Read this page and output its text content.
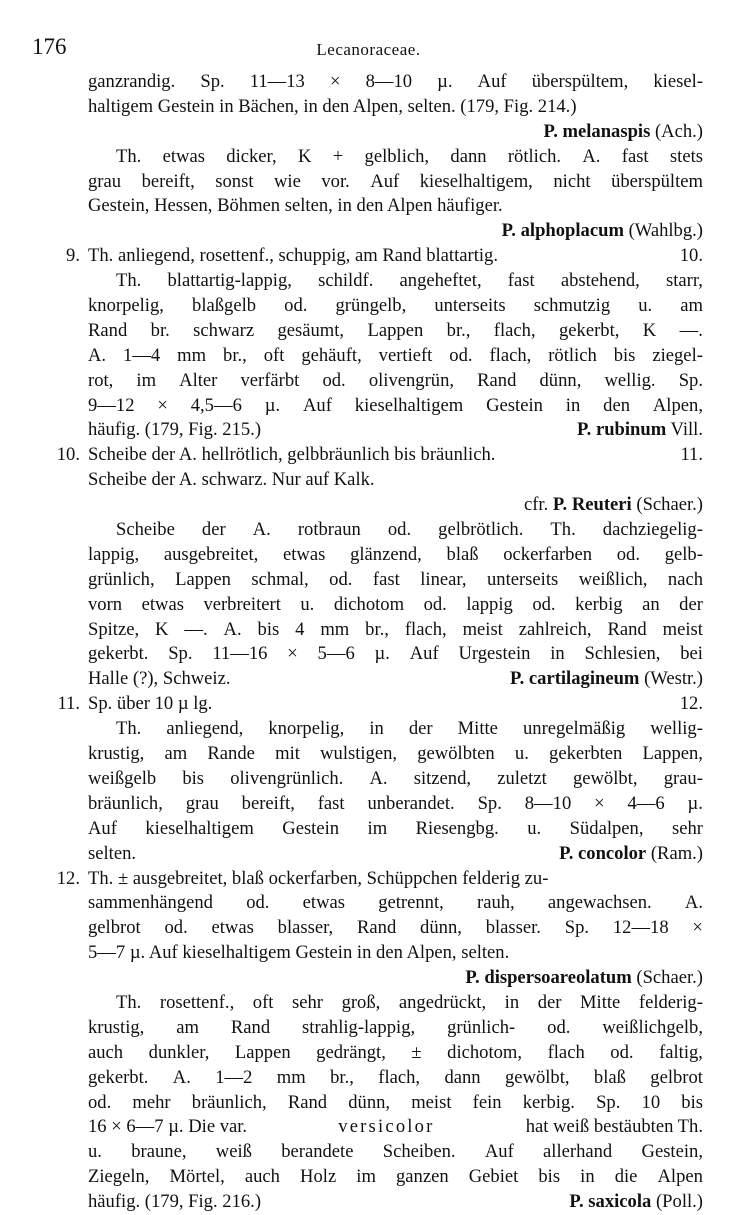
176	Lecanoraceae.
ganzrandig. Sp. 11—13 × 8—10 µ. Auf überspültem, kiesel-
haltigem Gestein in Bächen, in den Alpen, selten. (179, Fig. 214.)
P. melanaspis (Ach.)
Th. etwas dicker, K + gelblich, dann rötlich. A. fast stets
grau bereift, sonst wie vor. Auf kieselhaltigem, nicht überspültem
Gestein, Hessen, Böhmen selten, in den Alpen häufiger.
P. alphoplacum (Wahlbg.)
9. Th. anliegend, rosettenf., schuppig, am Rand blattartig.	10.
Th. blattartig-lappig, schildf. angeheftet, fast abstehend, starr,
knorpelig, blaßgelb od. grüngelb, unterseits schmutzig u. am
Rand br. schwarz gesäumt, Lappen br., flach, gekerbt, K —.
A. 1—4 mm br., oft gehäuft, vertieft od. flach, rötlich bis ziegel-
rot, im Alter verfärbt od. olivengrün, Rand dünn, wellig. Sp.
9—12 × 4,5—6 µ. Auf kieselhaltigem Gestein in den Alpen,
häufig. (179, Fig. 215.)	P. rubinum Vill.
10. Scheibe der A. hellrötlich, gelbbräunlich bis bräunlich.	11.
Scheibe der A. schwarz. Nur auf Kalk.
cfr. P. Reuteri (Schaer.)
Scheibe der A. rotbraun od. gelbrötlich. Th. dachziegelig-
lappig, ausgebreitet, etwas glänzend, blaß ockerfarben od. gelb-
grünlich, Lappen schmal, od. fast linear, unterseits weißlich, nach
vorn etwas verbreitert u. dichotom od. lappig od. kerbig an der
Spitze, K —. A. bis 4 mm br., flach, meist zahlreich, Rand meist
gekerbt. Sp. 11—16 × 5—6 µ. Auf Urgestein in Schlesien, bei
Halle (?), Schweiz.	P. cartilagineum (Westr.)
11. Sp. über 10 µ lg.	12.
Th. anliegend, knorpelig, in der Mitte unregelmäßig wellig-
krustig, am Rande mit wulstigen, gewölbten u. gekerbten Lappen,
weißgelb bis olivengrünlich. A. sitzend, zuletzt gewölbt, grau-
bräunlich, grau bereift, fast unberandet. Sp. 8—10 × 4—6 µ.
Auf kieselhaltigem Gestein im Riesengbg. u. Südalpen, sehr
selten.	P. concolor (Ram.)
12. Th. ± ausgebreitet, blaß ockerfarben, Schüppchen felderig zu-
sammenhängend od. etwas getrennt, rauh, angewachsen. A.
gelbrot od. etwas blasser, Rand dünn, blasser. Sp. 12—18 ×
5—7 µ. Auf kieselhaltigem Gestein in den Alpen, selten.
P. dispersoareolatum (Schaer.)
Th. rosettenf., oft sehr groß, angedrückt, in der Mitte felderig-
krustig, am Rand strahlig-lappig, grünlich- od. weißlichgelb,
auch dunkler, Lappen gedrängt, ± dichotom, flach od. faltig,
gekerbt. A. 1—2 mm br., flach, dann gewölbt, blaß gelbrot
od. mehr bräunlich, Rand dünn, meist fein kerbig. Sp. 10 bis
16 × 6—7 µ. Die var.	versicolor	hat weiß bestäubten Th.
u. braune, weiß berandete Scheiben. Auf allerhand Gestein,
Ziegeln, Mörtel, auch Holz im ganzen Gebiet bis in die Alpen
häufig. (179, Fig. 216.)	P. saxicola (Poll.)
